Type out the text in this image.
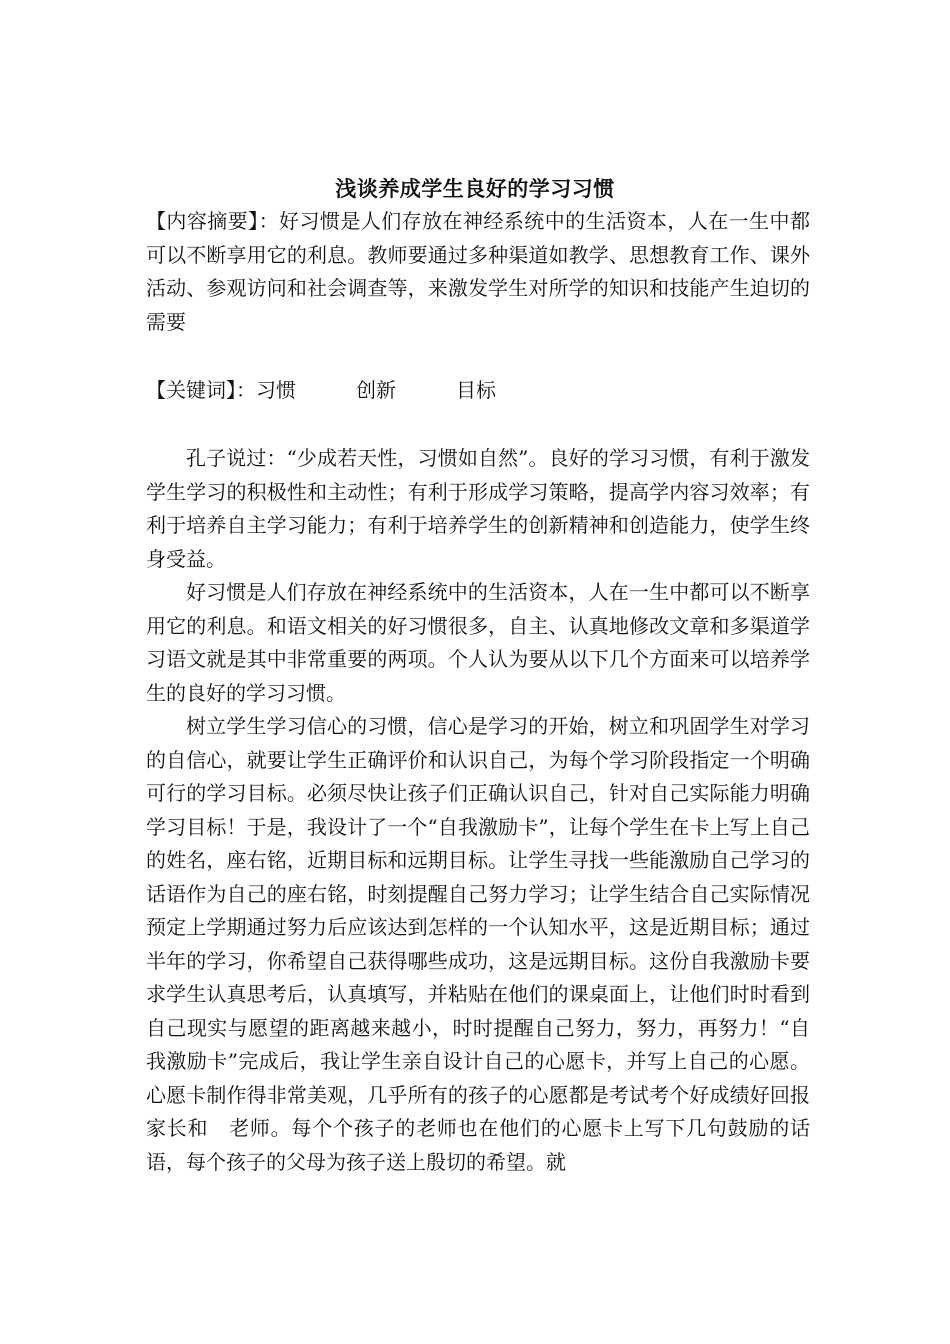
浅谈养成学生良好的学习习惯
【内容摘要】：好习惯是人们存放在神经系统中的生活资本，人在一生中都可以不断享用它的利息。教师要通过多种渠道如教学、思想教育工作、课外活动、参观访问和社会调查等，来激发学生对所学的知识和技能产生迫切的需要
【关键词】：习惯	创新	目标

孔子说过：“少成若天性，习惯如自然”。良好的学习习惯，有利于激发学生学习的积极性和主动性；有利于形成学习策略，提高学内容习效率；有利于培养自主学习能力；有利于培养学生的创新精神和创造能力，使学生终身受益。

好习惯是人们存放在神经系统中的生活资本，人在一生中都可以不断享用它的利息。和语文相关的好习惯很多，自主、认真地修改文章和多渠道学习语文就是其中非常重要的两项。个人认为要从以下几个方面来可以培养学生的良好的学习习惯。

树立学生学习信心的习惯，信心是学习的开始，树立和巩固学生对学习的自信心，就要让学生正确评价和认识自己，为每个学习阶段指定一个明确可行的学习目标。必须尽快让孩子们正确认识自己，针对自己实际能力明确学习目标！于是，我设计了一个“自我激励卡”，让每个学生在卡上写上自己的姓名，座右铭，近期目标和远期目标。让学生寻找一些能激励自己学习的话语作为自己的座右铭，时刻提醒自己努力学习；让学生结合自己实际情况预定上学期通过努力后应该达到怎样的一个认知水平，这是近期目标；通过半年的学习，你希望自己获得哪些成功，这是远期目标。这份自我激励卡要求学生认真思考后，认真填写，并粘贴在他们的课桌面上，让他们时时看到自己现实与愿望的距离越来越小，时时提醒自己努力，努力，再努力！“自我激励卡”完成后，我让学生亲自设计自己的心愿卡，并写上自己的心愿。心愿卡制作得非常美观，几乎所有的孩子的心愿都是考试考个好成绩好回报　家长和　老师。每个个孩子的老师也在他们的心愿卡上写下几句鼓励的话语，每个孩子的父母为孩子送上殷切的希望。就
